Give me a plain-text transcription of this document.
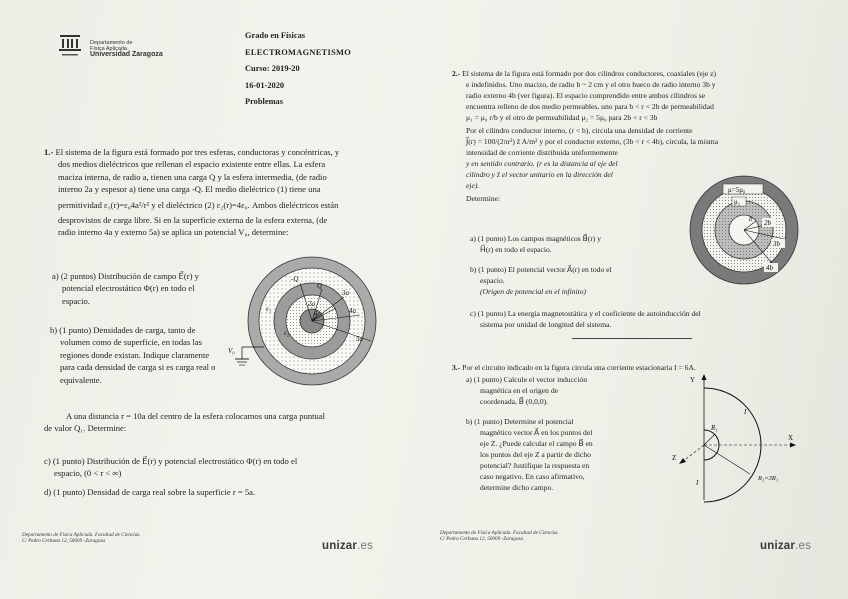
Departamento de
Física Aplicada
Universidad Zaragoza
Grado en Físicas
ELECTROMAGNETISMO
Curso: 2019-20
16-01-2020
Problemas
1.- El sistema de la figura está formado por tres esferas, conductoras y concéntricas, y
dos medios dieléctricos que rellenan el espacio existente entre ellas. La esfera
maciza interna, de radio a, tienen una carga Q y la esfera intermedia, (de radio
interno 2a y espesor a) tiene una carga -Q. El medio dieléctrico (1) tiene una
permitividad ε₁(r)=ε₀4a²/r² y el dieléctrico (2) ε₂(r)=4ε₀. Ambos dieléctricos están
desprovistos de carga libre. Si en la superficie externa de la esfera externa, (de
radio interno 4a y externo 5a) se aplica un potencial V₀, determine:
a) (2 puntos) Distribución de campo E⃗(r) y
potencial electrostático Φ(r) en todo el
espacio.
b) (1 punto) Densidades de carga, tanto de
volumen como de superficie, en todas las
regiones donde existan. Indique claramente
para cada densidad de carga si es carga real o
equivalente.
a
2a
3a
4a
5a
Q
-Q
ε₁
ε₂
V₀
A una distancia r = 10a del centro de la esfera colocamos una carga puntual
de valor Q₁. Determine:
c) (1 punto) Distribución de E⃗(r) y potencial electrostático Φ(r) en todo el
espacio, (0 < r < ∞)
d) (1 punto) Densidad de carga real sobre la superficie r = 5a.
Departamento de Física Aplicada. Facultad de Ciencias.
C/ Pedro Cerbuna 12, 50009 -Zaragoza	unizar.es
2.- El sistema de la figura está formado por dos cilindros conductores, coaxiales (eje z)
e indefinidos. Uno macizo, de radio b ~ 2 cm y el otro hueco de radio interno 3b y
radio externo 4b (ver figura). El espacio comprendido entre ambos cilindros se
encuentra relleno de dos medio permeables, uno para b < r < 2b de permeabilidad
μ₁ = μ₀ r/b y el otro de permeabilidad μ₂ = 5μ₀ para 2b < r < 3b
Por el cilindro conductor interno, (r < b), circula una densidad de corriente
J⃗(r) = 100/(2πr²) ẑ A/m² y por el conductor externo, (3b < r < 4b), circula, la misma
intensidad de corriente distribuida uniformemente
y en sentido contrario. (r es la distancia al eje del
cilindro y ẑ el vector unitario en la dirección del
eje).
Determine:
a) (1 punto) Los campos magnéticos B⃗(r) y
H⃗(r) en todo el espacio.
b) (1 punto) El potencial vector A⃗(r) en todo el
espacio.
(Origen de potencial en el infinito)
c) (1 punto) La energía magnetostática y el coeficiente de autoinducción del
sistema por unidad de longitud del sistema.
μ=5μ₀
μ₁
b 2b
3b
4b
3.- Por el circuito indicado en la figura circula una corriente estacionaria I = 6A.
a) (1 punto) Calcule el vector inducción
magnética en el origen de
coordenada, B⃗ (0,0,0).
b) (1 punto) Determine el potencial
magnético vector A⃗ en los puntos del
eje Z. ¿Puede calcular el campo B⃗ en
los puntos del eje Z a partir de dicho
potencial? Justifique la respuesta en
caso negativo. En caso afirmativo,
determine dicho campo.
Y
X
Z
R₁
R₂=3R₁
I
I
Departamento de Física Aplicada. Facultad de Ciencias.
C/ Pedro Cerbuna 12, 50009 -Zaragoza
unizar.es
